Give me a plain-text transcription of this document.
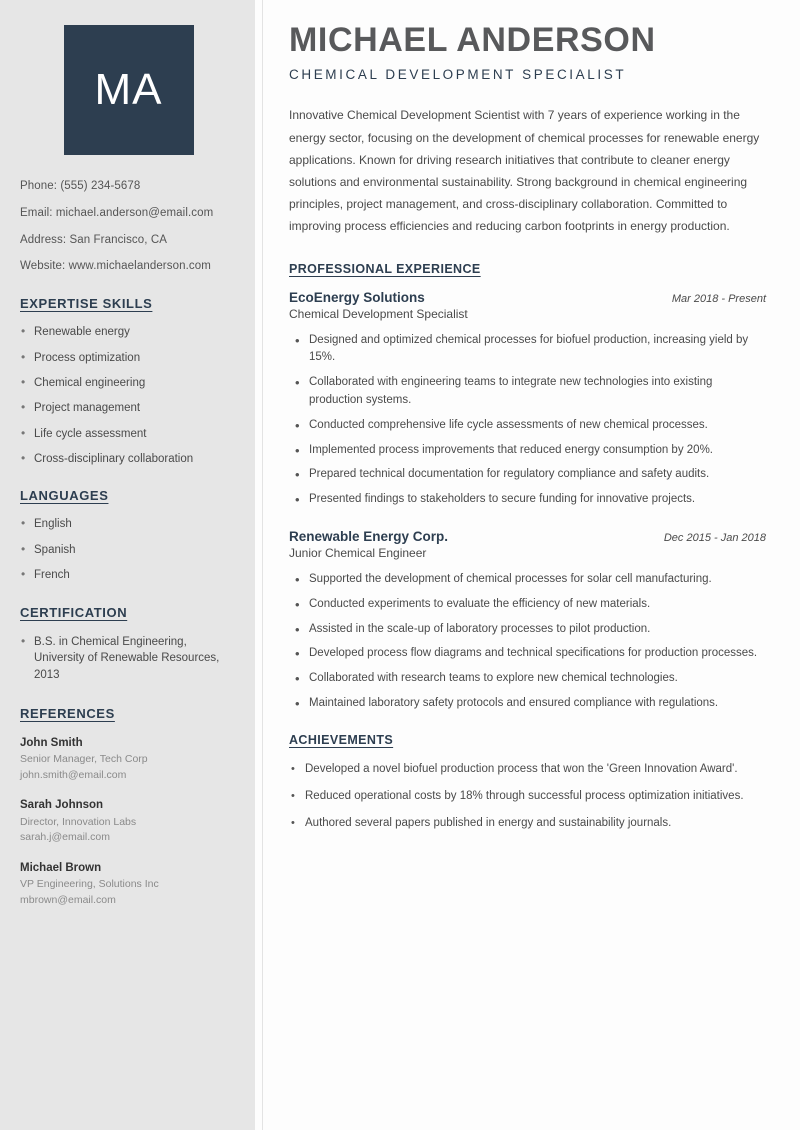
MA
Phone: (555) 234-5678
Email: michael.anderson@email.com
Address: San Francisco, CA
Website: www.michaelanderson.com
EXPERTISE SKILLS
• Renewable energy
• Process optimization
• Chemical engineering
• Project management
• Life cycle assessment
• Cross-disciplinary collaboration
LANGUAGES
• English
• Spanish
• French
CERTIFICATION
• B.S. in Chemical Engineering, University of Renewable Resources, 2013
REFERENCES
John Smith
Senior Manager, Tech Corp
john.smith@email.com
Sarah Johnson
Director, Innovation Labs
sarah.j@email.com
Michael Brown
VP Engineering, Solutions Inc
mbrown@email.com
MICHAEL ANDERSON
CHEMICAL DEVELOPMENT SPECIALIST

Innovative Chemical Development Scientist with 7 years of experience working in the energy sector, focusing on the development of chemical processes for renewable energy applications. Known for driving research initiatives that contribute to cleaner energy solutions and environmental sustainability. Strong background in chemical engineering principles, project management, and cross-disciplinary collaboration. Committed to improving process efficiencies and reducing carbon footprints in energy production.

PROFESSIONAL EXPERIENCE
EcoEnergy Solutions	Mar 2018 - Present
Chemical Development Specialist
• Designed and optimized chemical processes for biofuel production, increasing yield by 15%.
• Collaborated with engineering teams to integrate new technologies into existing production systems.
• Conducted comprehensive life cycle assessments of new chemical processes.
• Implemented process improvements that reduced energy consumption by 20%.
• Prepared technical documentation for regulatory compliance and safety audits.
• Presented findings to stakeholders to secure funding for innovative projects.
Renewable Energy Corp.	Dec 2015 - Jan 2018
Junior Chemical Engineer
• Supported the development of chemical processes for solar cell manufacturing.
• Conducted experiments to evaluate the efficiency of new materials.
• Assisted in the scale-up of laboratory processes to pilot production.
• Developed process flow diagrams and technical specifications for production processes.
• Collaborated with research teams to explore new chemical technologies.
• Maintained laboratory safety protocols and ensured compliance with regulations.
ACHIEVEMENTS
• Developed a novel biofuel production process that won the 'Green Innovation Award'.
• Reduced operational costs by 18% through successful process optimization initiatives.
• Authored several papers published in energy and sustainability journals.
